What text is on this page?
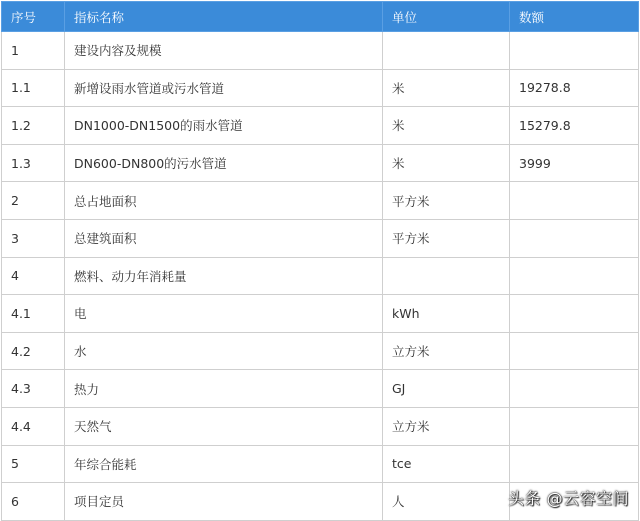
序号	指标名称	单位	数额
1	建设内容及规模		
1.1	新增设雨水管道或污水管道	米	19278.8
1.2	DN1000-DN1500的雨水管道	米	15279.8
1.3	DN600-DN800的污水管道	米	3999
2	总占地面积	平方米	
3	总建筑面积	平方米	
4	燃料、动力年消耗量		
4.1	电	kWh	
4.2	水	立方米	
4.3	热力	GJ	
4.4	天然气	立方米	
5	年综合能耗	tce	
6	项目定员	人		头条 @云容空间
